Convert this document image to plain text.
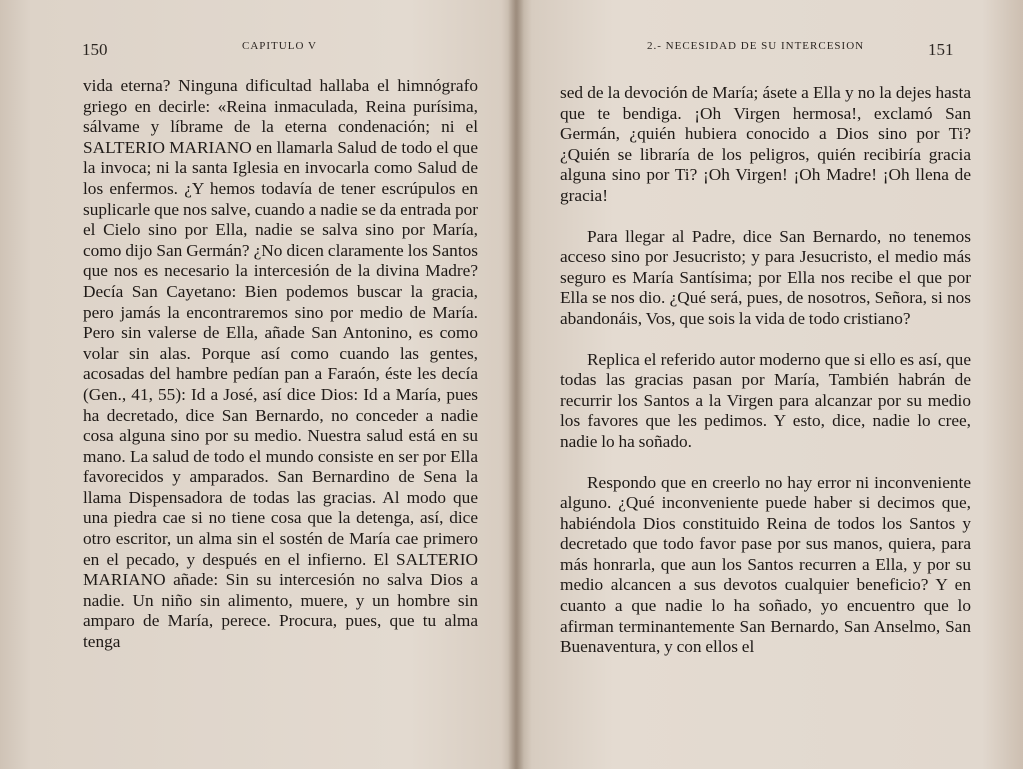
150	CAPITULO V

vida eterna? Ninguna dificultad hallaba el himnógrafo griego en decirle: «Reina inmaculada, Reina purísima, sálvame y líbrame de la eterna condenación; ni el SALTERIO MARIANO en llamarla Salud de todo el que la invoca; ni la santa Iglesia en invocarla como Salud de los enfermos. ¿Y hemos todavía de tener escrúpulos en suplicarle que nos salve, cuando a nadie se da entrada por el Cielo sino por Ella, nadie se salva sino por María, como dijo San Germán? ¿No dicen claramente los Santos que nos es necesario la intercesión de la divina Madre? Decía San Cayetano: Bien podemos buscar la gracia, pero jamás la encontraremos sino por medio de María. Pero sin valerse de Ella, añade San Antonino, es como volar sin alas. Porque así como cuando las gentes, acosadas del hambre pedían pan a Faraón, éste les decía (Gen., 41, 55): Id a José, así dice Dios: Id a María, pues ha decretado, dice San Bernardo, no conceder a nadie cosa alguna sino por su medio. Nuestra salud está en su mano. La salud de todo el mundo consiste en ser por Ella favorecidos y amparados. San Bernardino de Sena la llama Dispensadora de todas las gracias. Al modo que una piedra cae si no tiene cosa que la detenga, así, dice otro escritor, un alma sin el sostén de María cae primero en el pecado, y después en el infierno. El SALTERIO MARIANO añade: Sin su intercesión no salva Dios a nadie. Un niño sin alimento, muere, y un hombre sin amparo de María, perece. Procura, pues, que tu alma tenga

2.- NECESIDAD DE SU INTERCESION	151

sed de la devoción de María; ásete a Ella y no la dejes hasta que te bendiga. ¡Oh Virgen hermosa!, exclamó San Germán, ¿quién hubiera conocido a Dios sino por Ti? ¿Quién se libraría de los peligros, quién recibiría gracia alguna sino por Ti? ¡Oh Virgen! ¡Oh Madre! ¡Oh llena de gracia!

Para llegar al Padre, dice San Bernardo, no tenemos acceso sino por Jesucristo; y para Jesucristo, el medio más seguro es María Santísima; por Ella nos recibe el que por Ella se nos dio. ¿Qué será, pues, de nosotros, Señora, si nos abandonáis, Vos, que sois la vida de todo cristiano?

Replica el referido autor moderno que si ello es así, que todas las gracias pasan por María, También habrán de recurrir los Santos a la Virgen para alcanzar por su medio los favores que les pedimos. Y esto, dice, nadie lo cree, nadie lo ha soñado.

Respondo que en creerlo no hay error ni inconveniente alguno. ¿Qué inconveniente puede haber si decimos que, habiéndola Dios constituido Reina de todos los Santos y decretado que todo favor pase por sus manos, quiera, para más honrarla, que aun los Santos recurren a Ella, y por su medio alcancen a sus devotos cualquier beneficio? Y en cuanto a que nadie lo ha soñado, yo encuentro que lo afirman terminantemente San Bernardo, San Anselmo, San Buenaventura, y con ellos el
